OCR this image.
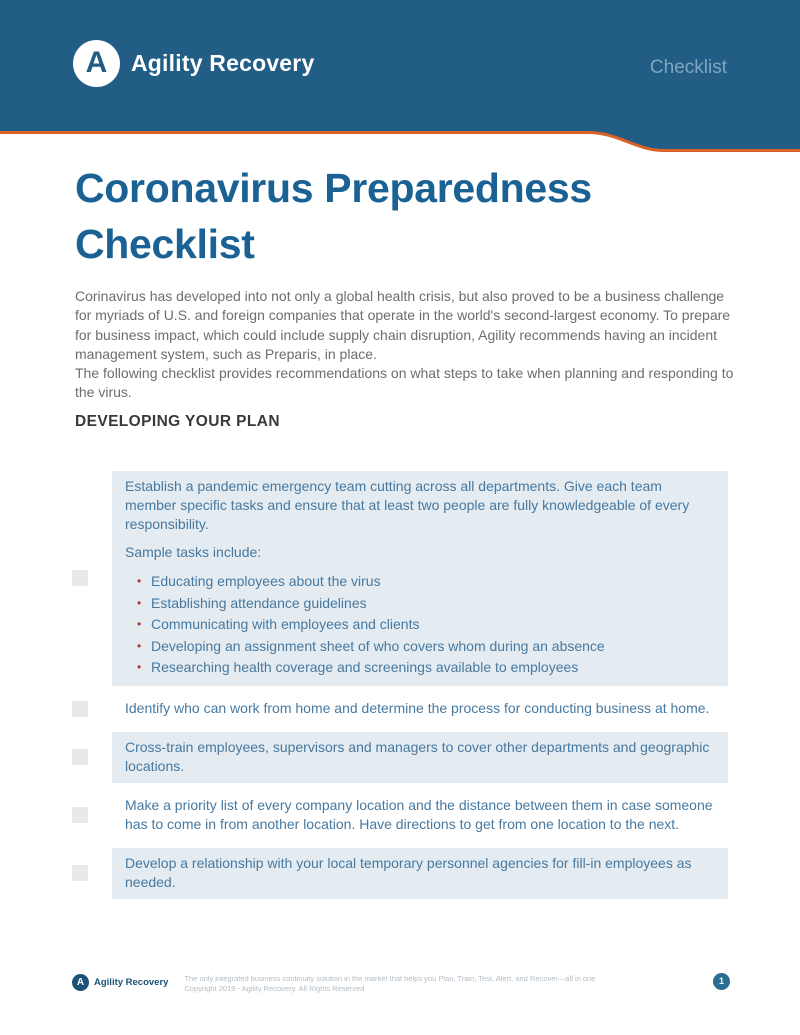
A Agility Recovery	Checklist
Coronavirus Preparedness Checklist

Corinavirus has developed into not only a global health crisis, but also proved to be a business challenge for myriads of U.S. and foreign companies that operate in the world's second-largest economy. To prepare for business impact, which could include supply chain disruption, Agility recommends having an incident management system, such as Preparis, in place.

The following checklist provides recommendations on what steps to take when planning and responding to the virus.

DEVELOPING YOUR PLAN

Establish a pandemic emergency team cutting across all departments. Give each team member specific tasks and ensure that at least two people are fully knowledgeable of every responsibility.

Sample tasks include:

• Educating employees about the virus
• Establishing attendance guidelines
• Communicating with employees and clients
• Developing an assignment sheet of who covers whom during an absence
• Researching health coverage and screenings available to employees

Identify who can work from home and determine the process for conducting business at home.

Cross-train employees, supervisors and managers to cover other departments and geographic locations.

Make a priority list of every company location and the distance between them in case someone has to come in from another location. Have directions to get from one location to the next.

Develop a relationship with your local temporary personnel agencies for fill-in employees as needed.

A Agility Recovery The only integrated business continuity solution in the market that helps you Plan, Train, Test, Alert, and Recover—all in one
Copyright 2019 - Agility Recovery. All Rights Reserved
1
